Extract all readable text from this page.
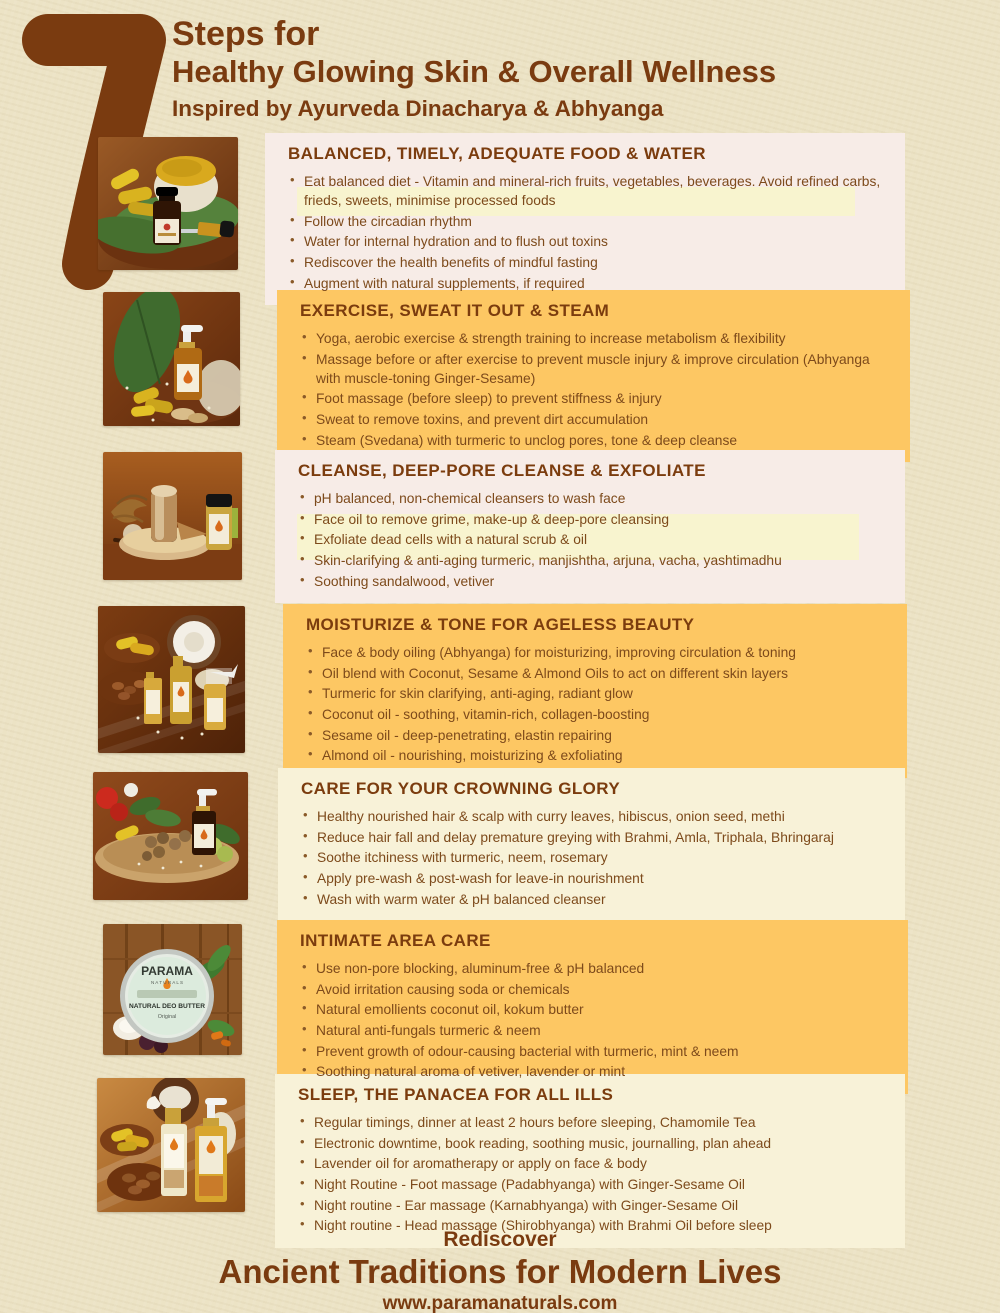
Steps for

Healthy Glowing Skin & Overall Wellness

Inspired by Ayurveda Dinacharya & Abhyanga

BALANCED, TIMELY, ADEQUATE FOOD & WATER
• Eat balanced diet - Vitamin and mineral-rich fruits, vegetables, beverages. Avoid refined carbs, frieds, sweets, minimise processed foods
• Follow the circadian rhythm
• Water for internal hydration and to flush out toxins
• Rediscover the health benefits of mindful fasting
• Augment with natural supplements, if required
EXERCISE, SWEAT IT OUT & STEAM
• Yoga, aerobic exercise & strength training to increase metabolism & flexibility
• Massage before or after exercise to prevent muscle injury & improve circulation (Abhyanga with muscle-toning Ginger-Sesame)
• Foot massage (before sleep) to prevent stiffness & injury
• Sweat to remove toxins, and prevent dirt accumulation
• Steam (Svedana) with turmeric to unclog pores, tone & deep cleanse
CLEANSE, DEEP-PORE CLEANSE & EXFOLIATE
• pH balanced, non-chemical cleansers to wash face
• Face oil to remove grime, make-up & deep-pore cleansing
• Exfoliate dead cells with a natural scrub & oil
• Skin-clarifying & anti-aging turmeric, manjishtha, arjuna, vacha, yashtimadhu
• Soothing sandalwood, vetiver
MOISTURIZE & TONE FOR AGELESS BEAUTY
• Face & body oiling (Abhyanga) for moisturizing, improving circulation & toning
• Oil blend with Coconut, Sesame & Almond Oils to act on different skin layers
• Turmeric for skin clarifying, anti-aging, radiant glow
• Coconut oil - soothing, vitamin-rich, collagen-boosting
• Sesame oil - deep-penetrating, elastin repairing
• Almond oil - nourishing, moisturizing & exfoliating
CARE FOR YOUR CROWNING GLORY
• Healthy nourished hair & scalp with curry leaves, hibiscus, onion seed, methi
• Reduce hair fall and delay premature greying with Brahmi, Amla, Triphala, Bhringaraj
• Soothe itchiness with turmeric, neem, rosemary
• Apply pre-wash & post-wash for leave-in nourishment
• Wash with warm water & pH balanced cleanser
PARAMA
N A T U R A L S
NATURAL DEO BUTTER
Original
INTIMATE AREA CARE
• Use non-pore blocking, aluminum-free & pH balanced
• Avoid irritation causing soda or chemicals
• Natural emollients coconut oil, kokum butter
• Natural anti-fungals turmeric & neem
• Prevent growth of odour-causing bacterial with turmeric, mint & neem
• Soothing natural aroma of vetiver, lavender or mint
SLEEP, THE PANACEA FOR ALL ILLS
• Regular timings, dinner at least 2 hours before sleeping, Chamomile Tea
• Electronic downtime, book reading, soothing music, journalling, plan ahead
• Lavender oil for aromatherapy or apply on face & body
• Night Routine - Foot massage (Padabhyanga) with Ginger-Sesame Oil
• Night routine - Ear massage (Karnabhyanga) with Ginger-Sesame Oil
• Night routine - Head massage (Shirobhyanga) with Brahmi Oil before sleep

Rediscover

Ancient Traditions for Modern Lives

www.paramanaturals.com
